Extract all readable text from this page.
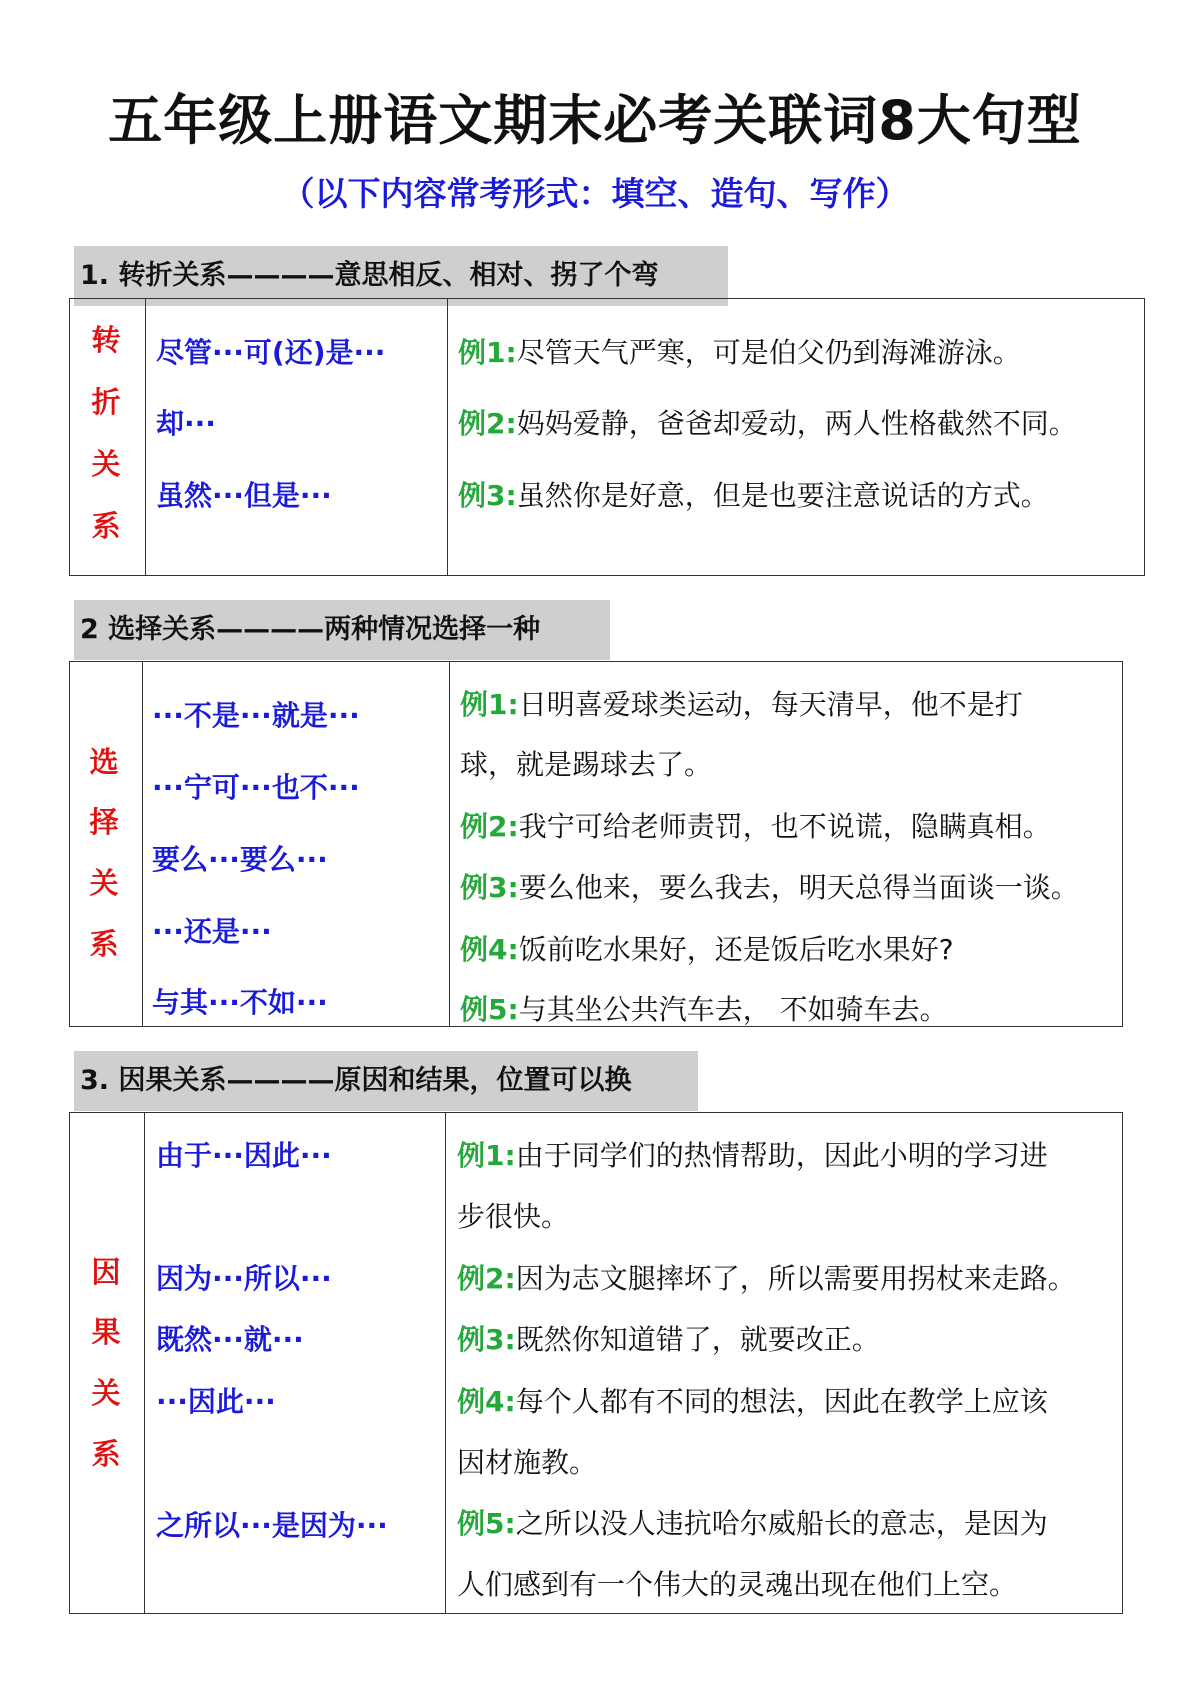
五年级上册语文期末必考关联词8大句型
（以下内容常考形式：填空、造句、写作）
1. 转折关系————意思相反、相对、拐了个弯
转
折
关
系
尽管···可(还)是···
却···
虽然···但是···
例1:尽管天气严寒，可是伯父仍到海滩游泳。
例2:妈妈爱静，爸爸却爱动，两人性格截然不同。
例3:虽然你是好意，但是也要注意说话的方式。
2 选择关系————两种情况选择一种
选
择
关
系
···不是···就是···
···宁可···也不···
要么···要么···
···还是···
与其···不如···
例1:日明喜爱球类运动，每天清早，他不是打
球，就是踢球去了。
例2:我宁可给老师责罚，也不说谎，隐瞒真相。
例3:要么他来，要么我去，明天总得当面谈一谈。
例4:饭前吃水果好，还是饭后吃水果好?
例5:与其坐公共汽车去， 不如骑车去。
3. 因果关系————原因和结果，位置可以换
因
果
关
系
由于···因此···
因为···所以···
既然···就···
···因此···
之所以···是因为···
例1:由于同学们的热情帮助，因此小明的学习进
步很快。
例2:因为志文腿摔坏了，所以需要用拐杖来走路。
例3:既然你知道错了，就要改正。
例4:每个人都有不同的想法，因此在教学上应该
因材施教。
例5:之所以没人违抗哈尔威船长的意志，是因为
人们感到有一个伟大的灵魂出现在他们上空。
